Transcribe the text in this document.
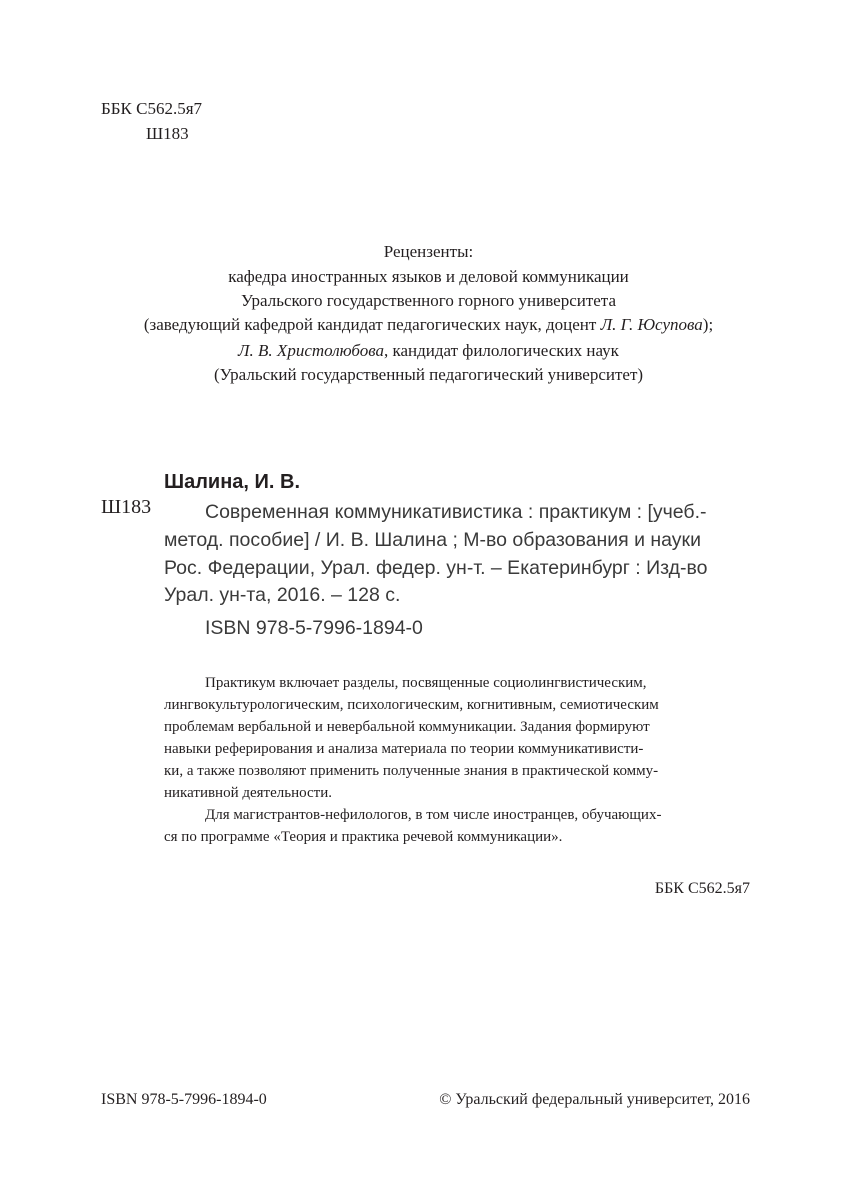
ББК С562.5я7
Ш183
Рецензенты:
кафедра иностранных языков и деловой коммуникации
Уральского государственного горного университета
(заведующий кафедрой кандидат педагогических наук, доцент Л. Г. Юсупова);
Л. В. Христолюбова, кандидат филологических наук
(Уральский государственный педагогический университет)
Шалина, И. В.
Ш183	Современная коммуникативистика : практикум : [учеб.-
метод. пособие] / И. В. Шалина ; М-во образования и науки
Рос. Федерации, Урал. федер. ун-т. – Екатеринбург : Изд-во
Урал. ун-та, 2016. – 128 с.
ISBN 978-5-7996-1894-0
Практикум включает разделы, посвященные социолингвистическим,
лингвокультурологическим, психологическим, когнитивным, семиотическим
проблемам вербальной и невербальной коммуникации. Задания формируют
навыки реферирования и анализа материала по теории коммуникативисти-
ки, а также позволяют применить полученные знания в практической комму-
никативной деятельности.
Для магистрантов-нефилологов, в том числе иностранцев, обучающих-
ся по программе «Теория и практика речевой коммуникации».
ББК С562.5я7
ISBN 978-5-7996-1894-0	© Уральский федеральный университет, 2016
